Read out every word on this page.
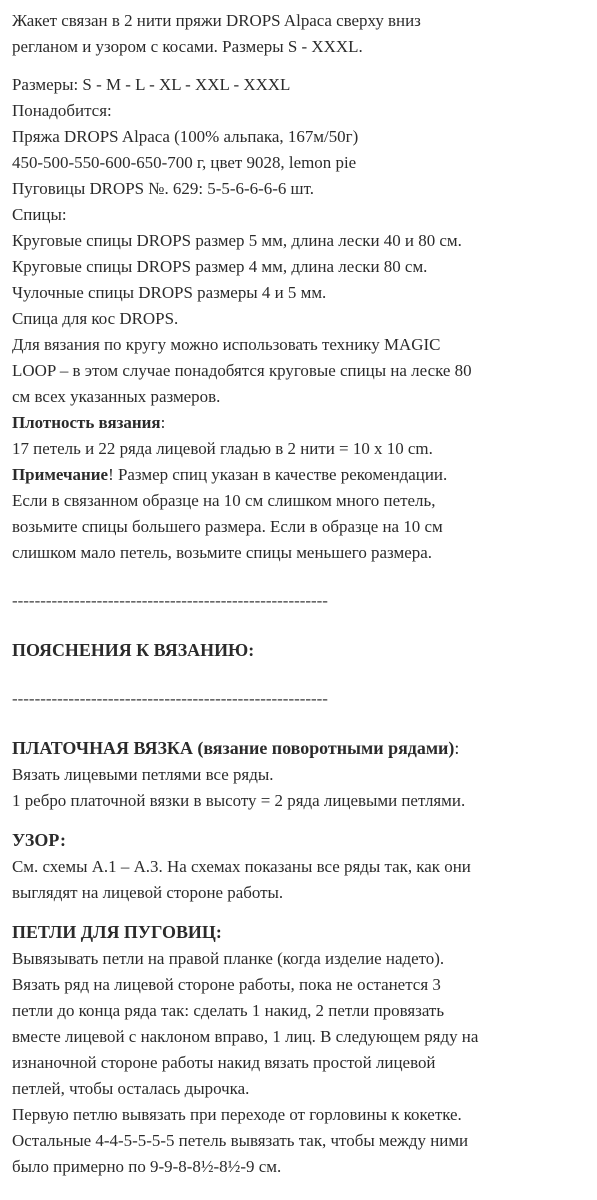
Жакет связан в 2 нити пряжи DROPS Alpaca сверху вниз
регланом и узором с косами. Размеры S - XXXL.
Размеры: S - M - L - XL - XXL - XXXL
Понадобится:
Пряжа DROPS Alpaca (100% альпака, 167м/50г)
450-500-550-600-650-700 г, цвет 9028, lemon pie
Пуговицы DROPS №. 629: 5-5-6-6-6-6 шт.
Спицы:
Круговые спицы DROPS размер 5 мм, длина лески 40 и 80 см.
Круговые спицы DROPS размер 4 мм, длина лески 80 см.
Чулочные спицы DROPS размеры 4 и 5 мм.
Спица для кос DROPS.
Для вязания по кругу можно использовать технику MAGIC
LOOP – в этом случае понадобятся круговые спицы на леске 80
см всех указанных размеров.
Плотность вязания:
17 петель и 22 ряда лицевой гладью в 2 нити = 10 x 10 cm.
Примечание! Размер спиц указан в качестве рекомендации.
Если в связанном образце на 10 см слишком много петель,
возьмите спицы большего размера. Если в образце на 10 см
слишком мало петель, возьмите спицы меньшего размера.
--------------------------------------------------------
ПОЯСНЕНИЯ К ВЯЗАНИЮ:
--------------------------------------------------------
ПЛАТОЧНАЯ ВЯЗКА (вязание поворотными рядами):
Вязать лицевыми петлями все ряды.
1 ребро платочной вязки в высоту = 2 ряда лицевыми петлями.
УЗОР:
См. схемы А.1 – А.3. На схемах показаны все ряды так, как они
выглядят на лицевой стороне работы.
ПЕТЛИ ДЛЯ ПУГОВИЦ:
Вывязывать петли на правой планке (когда изделие надето).
Вязать ряд на лицевой стороне работы, пока не останется 3
петли до конца ряда так: сделать 1 накид, 2 петли провязать
вместе лицевой с наклоном вправо, 1 лиц. В следующем ряду на
изнаночной стороне работы накид вязать простой лицевой
петлей, чтобы осталась дырочка.
Первую петлю вывязать при переходе от горловины к кокетке.
Остальные 4-4-5-5-5-5 петель вывязать так, чтобы между ними
было примерно по 9-9-8-8½-8½-9 см.
